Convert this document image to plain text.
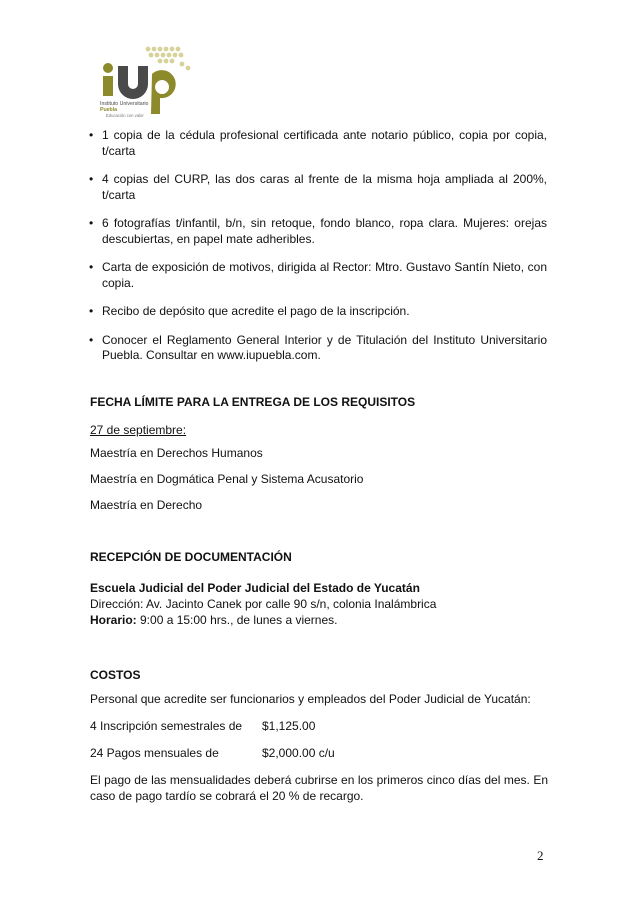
Instituto Universitario
Puebla
Educación con valor
• 1 copia de la cédula profesional certificada ante notario público, copia por copia, t/carta
• 4 copias del CURP, las dos caras al frente de la misma hoja ampliada al 200%, t/carta
• 6 fotografías t/infantil, b/n, sin retoque, fondo blanco, ropa clara. Mujeres: orejas descubiertas, en papel mate adheribles.
• Carta de exposición de motivos, dirigida al Rector: Mtro. Gustavo Santín Nieto, con copia.
• Recibo de depósito que acredite el pago de la inscripción.
• Conocer el Reglamento General Interior y de Titulación del Instituto Universitario Puebla. Consultar en www.iupuebla.com.
FECHA LÍMITE PARA LA ENTREGA DE LOS REQUISITOS
27 de septiembre:
Maestría en Derechos Humanos
Maestría en Dogmática Penal y Sistema Acusatorio
Maestría en Derecho
RECEPCIÓN DE DOCUMENTACIÓN
Escuela Judicial del Poder Judicial del Estado de Yucatán
Dirección: Av. Jacinto Canek por calle 90 s/n, colonia Inalámbrica
Horario: 9:00 a 15:00 hrs., de lunes a viernes.
COSTOS
Personal que acredite ser funcionarios y empleados del Poder Judicial de Yucatán:
4 Inscripción semestrales de $1,125.00
24 Pagos mensuales de	$2,000.00 c/u
El pago de las mensualidades deberá cubrirse en los primeros cinco días del mes. En caso de pago tardío se cobrará el 20 % de recargo.
2
